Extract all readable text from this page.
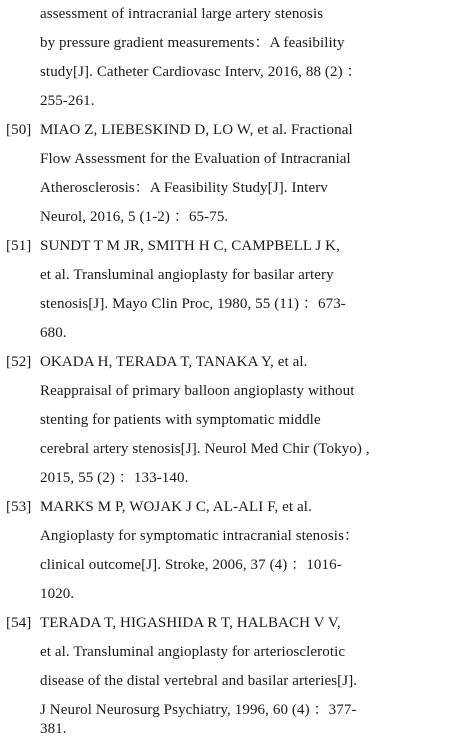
assessment of intracranial large artery stenosis
by pressure gradient measurements：A feasibility
study[J]. Catheter Cardiovasc Interv, 2016, 88 (2) ：
255-261.
[50] MIAO Z, LIEBESKIND D, LO W, et al. Fractional
Flow Assessment for the Evaluation of Intracranial
Atherosclerosis：A Feasibility Study[J]. Interv
Neurol, 2016, 5 (1-2) ：65-75.
[51] SUNDT T M JR, SMITH H C, CAMPBELL J K,
et al. Transluminal angioplasty for basilar artery
stenosis[J]. Mayo Clin Proc, 1980, 55 (11) ：673-
680.
[52] OKADA H, TERADA T, TANAKA Y, et al.
Reappraisal of primary balloon angioplasty without
stenting for patients with symptomatic middle
cerebral artery stenosis[J]. Neurol Med Chir (Tokyo) ,
2015, 55 (2) ：133-140.
[53] MARKS M P, WOJAK J C, AL-ALI F, et al.
Angioplasty for symptomatic intracranial stenosis：
clinical outcome[J]. Stroke, 2006, 37 (4) ：1016-
1020.
[54] TERADA T, HIGASHIDA R T, HALBACH V V,
et al. Transluminal angioplasty for arteriosclerotic
disease of the distal vertebral and basilar arteries[J].
J Neurol Neurosurg Psychiatry, 1996, 60 (4) ：377-
381.
